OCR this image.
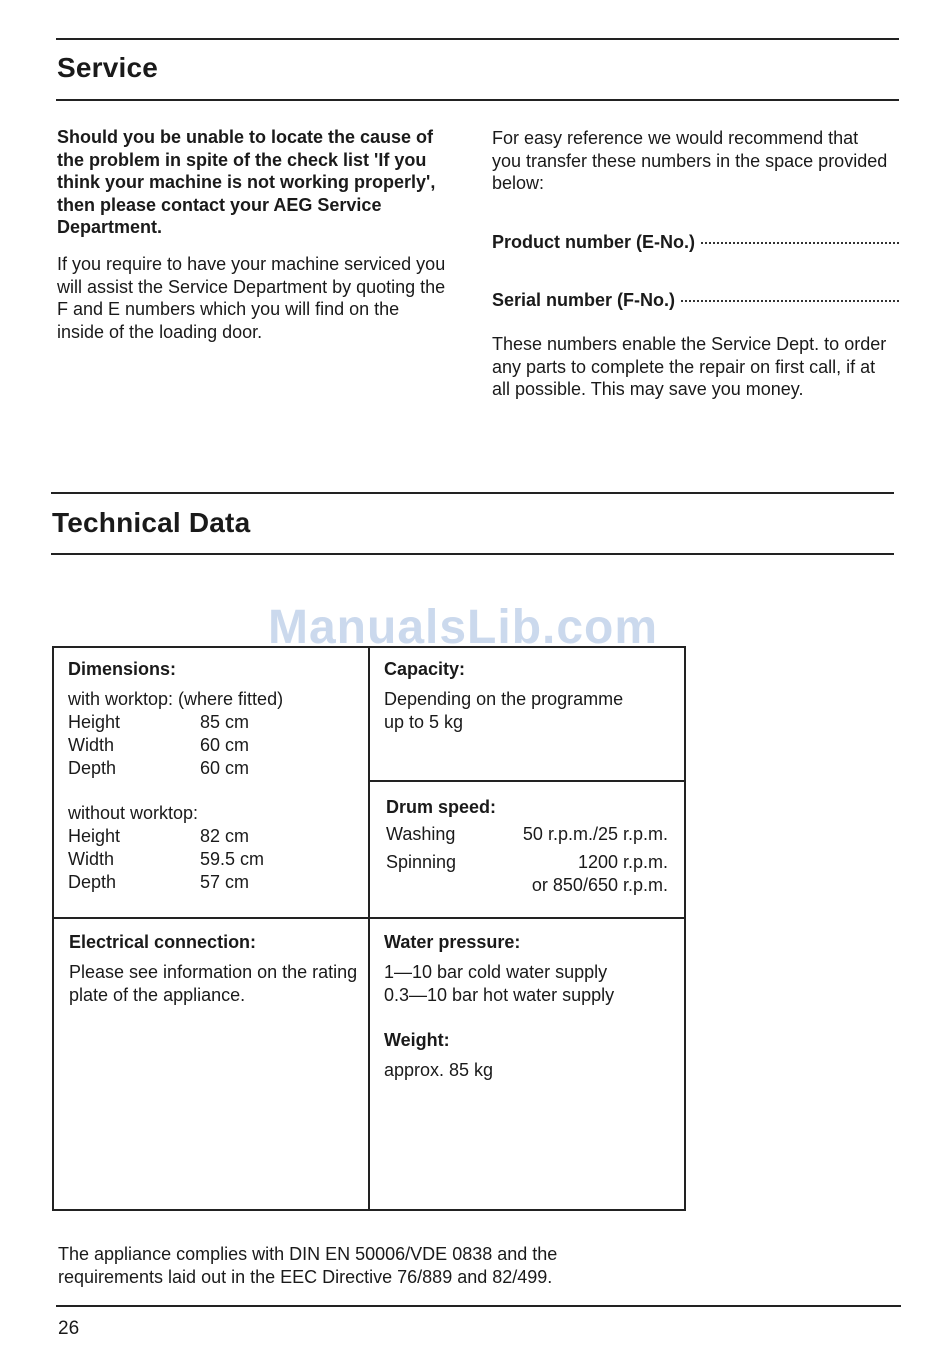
Service

Should you be unable to locate the cause of the problem in spite of the check list 'If you think your machine is not working properly', then please contact your AEG Service Department.

If you require to have your machine serviced you will assist the Service Department by quoting the F and E numbers which you will find on the inside of the loading door.

For easy reference we would recommend that you transfer these numbers in the space provided below:

Product number (E-No.)
Serial number (F-No.)

These numbers enable the Service Dept. to order any parts to complete the repair on first call, if at all possible. This may save you money.

Technical Data
Dimensions:
with worktop: (where fitted)
Height	85 cm
Width	60 cm
Depth	60 cm
without worktop:
Height	82 cm
Width	59.5 cm
Depth	57 cm
Capacity:
Depending on the programme
up to 5 kg
Drum speed:
Washing	50 r.p.m./25 r.p.m.
Spinning	1200 r.p.m.
or 850/650 r.p.m.
Electrical connection:
Please see information on the rating plate of the appliance.
Water pressure:
1—10 bar cold water supply
0.3—10 bar hot water supply
Weight:
approx. 85 kg
ManualsLib.com

The appliance complies with DIN EN 50006/VDE 0838 and the requirements laid out in the EEC Directive 76/889 and 82/499.

26
